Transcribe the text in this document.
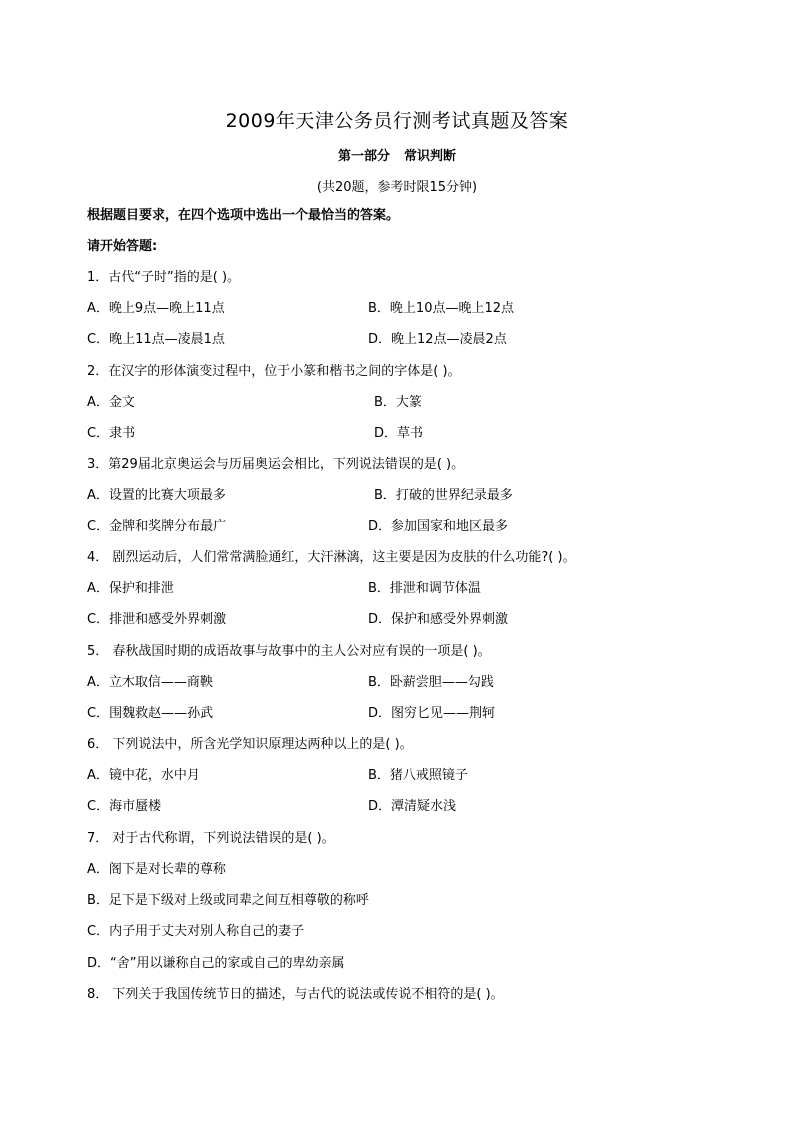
2009年天津公务员行测考试真题及答案
第一部分 常识判断
(共20题，参考时限15分钟)
根据题目要求，在四个选项中选出一个最恰当的答案。
请开始答题:
1．古代“子时”指的是( )。
A．晚上9点—晚上11点	B．晚上10点—晚上12点
C．晚上11点—凌晨1点	D．晚上12点—凌晨2点
2．在汉字的形体演变过程中，位于小篆和楷书之间的字体是( )。
A．金文	B．大篆
C．隶书	D．草书
3．第29届北京奥运会与历届奥运会相比，下列说法错误的是( )。
A．设置的比赛大项最多	B．打破的世界纪录最多
C．金牌和奖牌分布最广	D．参加国家和地区最多
4． 剧烈运动后，人们常常满脸通红，大汗淋漓，这主要是因为皮肤的什么功能?( )。
A．保护和排泄	B．排泄和调节体温
C．排泄和感受外界刺激	D．保护和感受外界刺激
5． 春秋战国时期的成语故事与故事中的主人公对应有误的一项是( )。
A．立木取信——商鞅	B．卧薪尝胆——勾践
C．围魏救赵——孙武	D．图穷匕见——荆轲
6． 下列说法中，所含光学知识原理达两种以上的是( )。
A．镜中花，水中月	B．猪八戒照镜子
C．海市蜃楼	D．潭清疑水浅
7． 对于古代称谓，下列说法错误的是( )。
A．阁下是对长辈的尊称
B．足下是下级对上级或同辈之间互相尊敬的称呼
C．内子用于丈夫对别人称自己的妻子
D．“舍”用以谦称自己的家或自己的卑幼亲属
8． 下列关于我国传统节日的描述，与古代的说法或传说不相符的是( )。
